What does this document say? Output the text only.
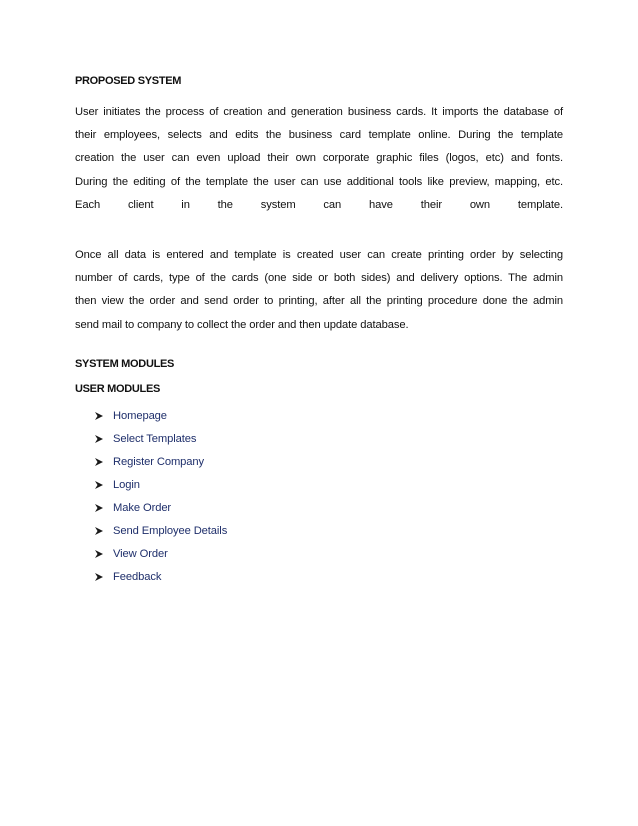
PROPOSED SYSTEM

User initiates the process of creation and generation business cards. It imports the database of
their employees, selects and edits the business card template online. During the template
creation the user can even upload their own corporate graphic files (logos, etc) and fonts.
During the editing of the template the user can use additional tools like preview, mapping, etc.
Each client in the system can have their own template.

Once all data is entered and template is created user can create printing order by selecting
number of cards, type of the cards (one side or both sides) and delivery options. The admin
then view the order and send order to printing, after all the printing procedure done the admin
send mail to company to collect the order and then update database.

SYSTEM MODULES
USER MODULES
Homepage
Select Templates
Register Company
Login
Make Order
Send Employee Details
View Order
Feedback
